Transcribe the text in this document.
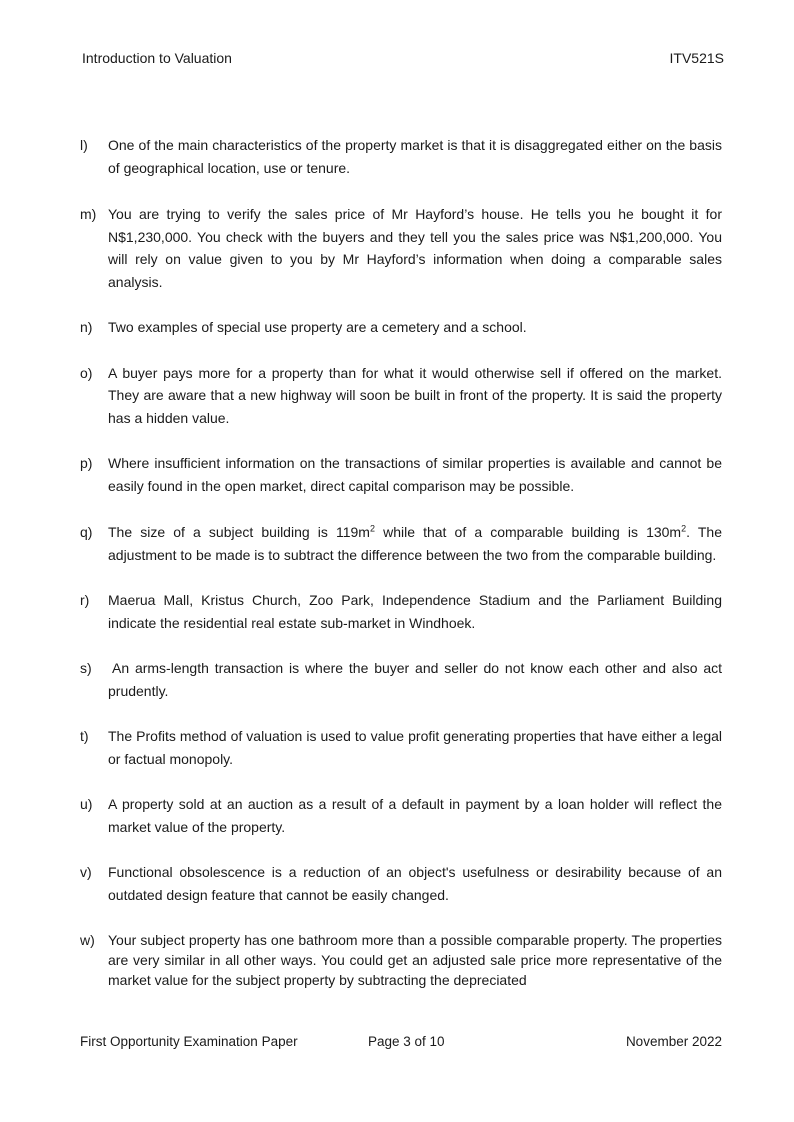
Introduction to Valuation	ITV521S
l)	One of the main characteristics of the property market is that it is disaggregated either on the basis of geographical location, use or tenure.
m) You are trying to verify the sales price of Mr Hayford’s house. He tells you he bought it for N$1,230,000. You check with the buyers and they tell you the sales price was N$1,200,000. You will rely on value given to you by Mr Hayford’s information when doing a comparable sales analysis.
n)	Two examples of special use property are a cemetery and a school.
o)	A buyer pays more for a property than for what it would otherwise sell if offered on the market. They are aware that a new highway will soon be built in front of the property. It is said the property has a hidden value.
p)	Where insufficient information on the transactions of similar properties is available and cannot be easily found in the open market, direct capital comparison may be possible.
q)	The size of a subject building is $119m^2$ while that of a comparable building is $130m^2$. The adjustment to be made is to subtract the difference between the two from the comparable building.
r)	Maerua Mall, Kristus Church, Zoo Park, Independence Stadium and the Parliament Building indicate the residential real estate sub-market in Windhoek.
s)	An arms-length transaction is where the buyer and seller do not know each other and also act prudently.
t)	The Profits method of valuation is used to value profit generating properties that have either a legal or factual monopoly.
u)	A property sold at an auction as a result of a default in payment by a loan holder will reflect the market value of the property.
v)	Functional obsolescence is a reduction of an object's usefulness or desirability because of an outdated design feature that cannot be easily changed.
w) Your subject property has one bathroom more than a possible comparable property. The properties are very similar in all other ways. You could get an adjusted sale price more representative of the market value for the subject property by subtracting the depreciated
First Opportunity Examination Paper	Page 3 of 10	November 2022
